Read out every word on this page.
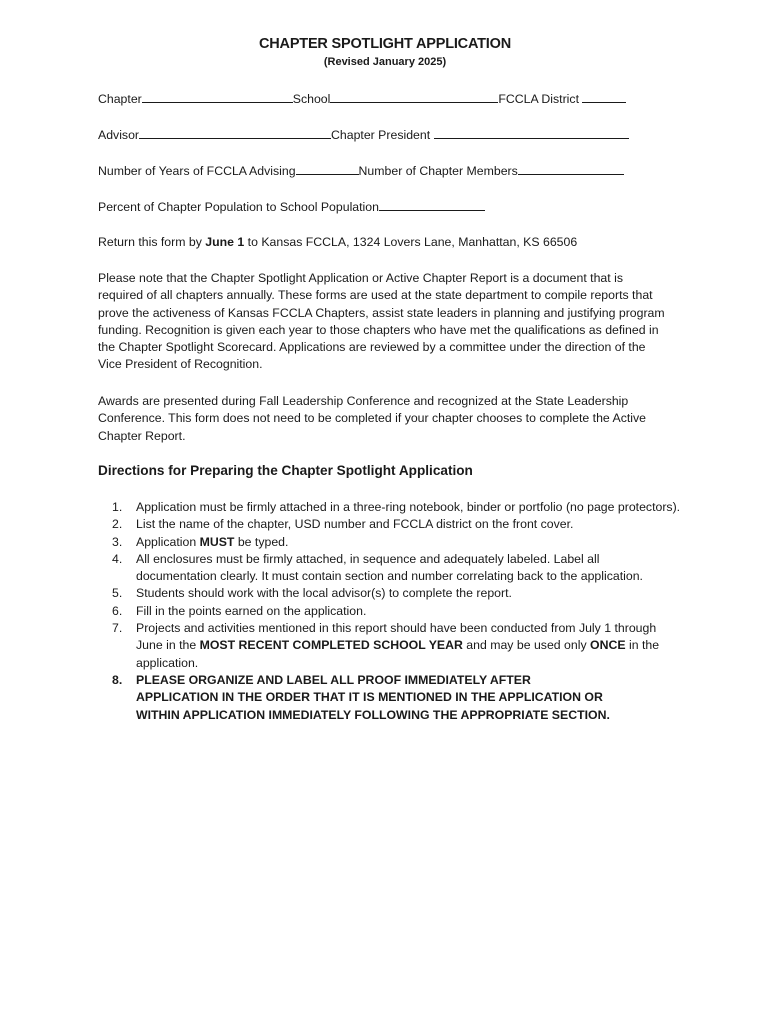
CHAPTER SPOTLIGHT APPLICATION
(Revised January 2025)
Chapter	School	FCCLA District
Advisor	Chapter President
Number of Years of FCCLA Advising	Number of Chapter Members
Percent of Chapter Population to School Population
Return this form by June 1 to Kansas FCCLA, 1324 Lovers Lane, Manhattan, KS 66506

Please note that the Chapter Spotlight Application or Active Chapter Report is a document that is required of all chapters annually. These forms are used at the state department to compile reports that prove the activeness of Kansas FCCLA Chapters, assist state leaders in planning and justifying program funding. Recognition is given each year to those chapters who have met the qualifications as defined in the Chapter Spotlight Scorecard. Applications are reviewed by a committee under the direction of the Vice President of Recognition.

Awards are presented during Fall Leadership Conference and recognized at the State Leadership Conference. This form does not need to be completed if your chapter chooses to complete the Active Chapter Report.

Directions for Preparing the Chapter Spotlight Application
1. Application must be firmly attached in a three-ring notebook, binder or portfolio (no page protectors).
2. List the name of the chapter, USD number and FCCLA district on the front cover.
3. Application MUST be typed.
4. All enclosures must be firmly attached, in sequence and adequately labeled. Label all documentation clearly. It must contain section and number correlating back to the application.
5. Students should work with the local advisor(s) to complete the report.
6. Fill in the points earned on the application.
7. Projects and activities mentioned in this report should have been conducted from July 1 through June in the MOST RECENT COMPLETED SCHOOL YEAR and may be used only ONCE in the application.
8. PLEASE ORGANIZE AND LABEL ALL PROOF IMMEDIATELY AFTER APPLICATION IN THE ORDER THAT IT IS MENTIONED IN THE APPLICATION OR WITHIN APPLICATION IMMEDIATELY FOLLOWING THE APPROPRIATE SECTION.
